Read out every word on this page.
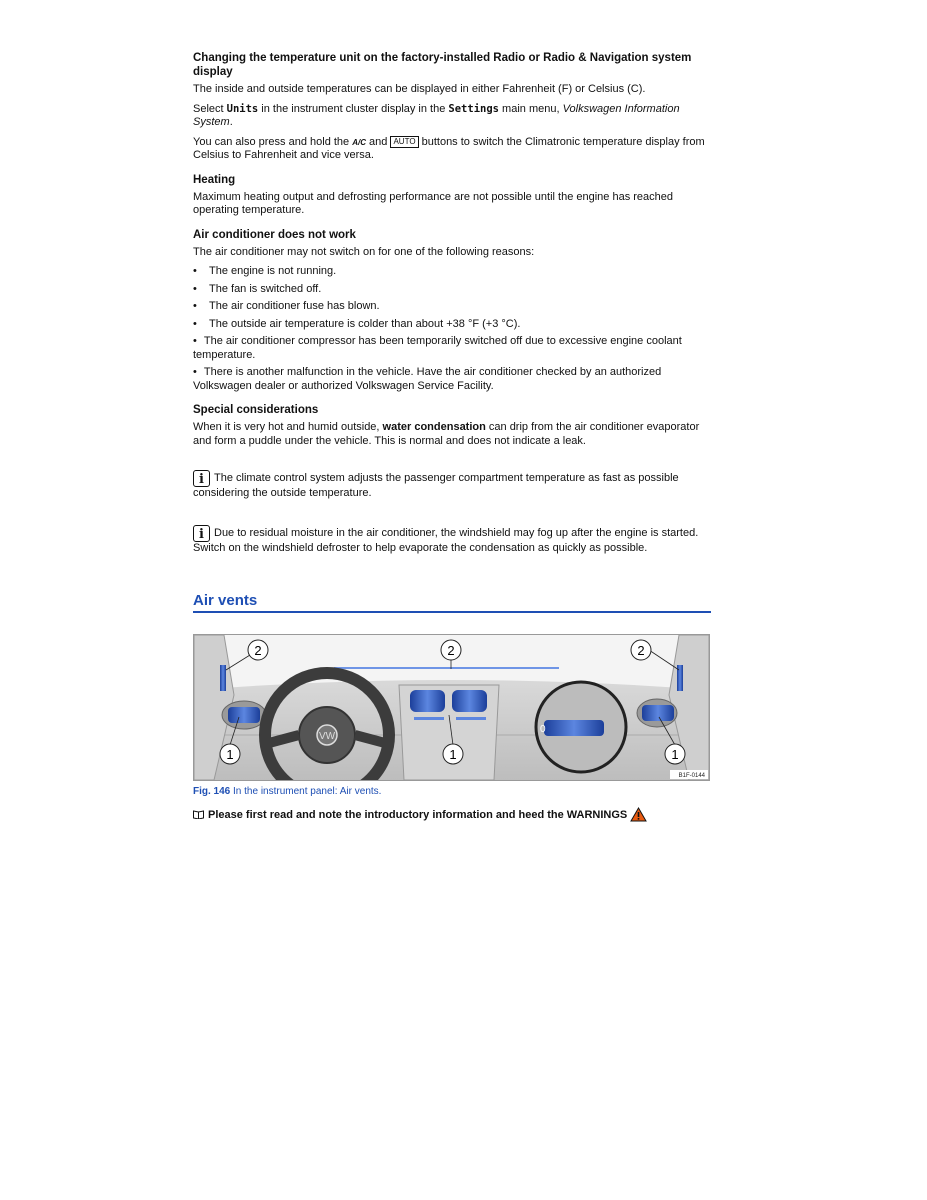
Changing the temperature unit on the factory-installed Radio or Radio & Navigation system display

The inside and outside temperatures can be displayed in either Fahrenheit (F) or Celsius (C).

Select Units in the instrument cluster display in the Settings main menu, Volkswagen Information System.

You can also press and hold the A/C and AUTO buttons to switch the Climatronic temperature display from Celsius to Fahrenheit and vice versa.

Heating

Maximum heating output and defrosting performance are not possible until the engine has reached operating temperature.

Air conditioner does not work

The air conditioner may not switch on for one of the following reasons:

• The engine is not running.
• The fan is switched off.
• The air conditioner fuse has blown.
• The outside air temperature is colder than about +38 °F (+3 °C).
• The air conditioner compressor has been temporarily switched off due to excessive engine coolant temperature.
• There is another malfunction in the vehicle. Have the air conditioner checked by an authorized Volkswagen dealer or authorized Volkswagen Service Facility.
Special considerations

When it is very hot and humid outside, water condensation can drip from the air conditioner evaporator and form a puddle under the vehicle. This is normal and does not indicate a leak.

i The climate control system adjusts the passenger compartment temperature as fast as possible considering the outside temperature.

i Due to residual moisture in the air conditioner, the windshield may fog up after the engine is started. Switch on the windshield defroster to help evaporate the condensation as quickly as possible.

Air vents
VW
0
2	2	2
1	1	1
B1F-0144
Fig. 146 In the instrument panel: Air vents.
Please first read and note the introductory information and heed the WARNINGS
